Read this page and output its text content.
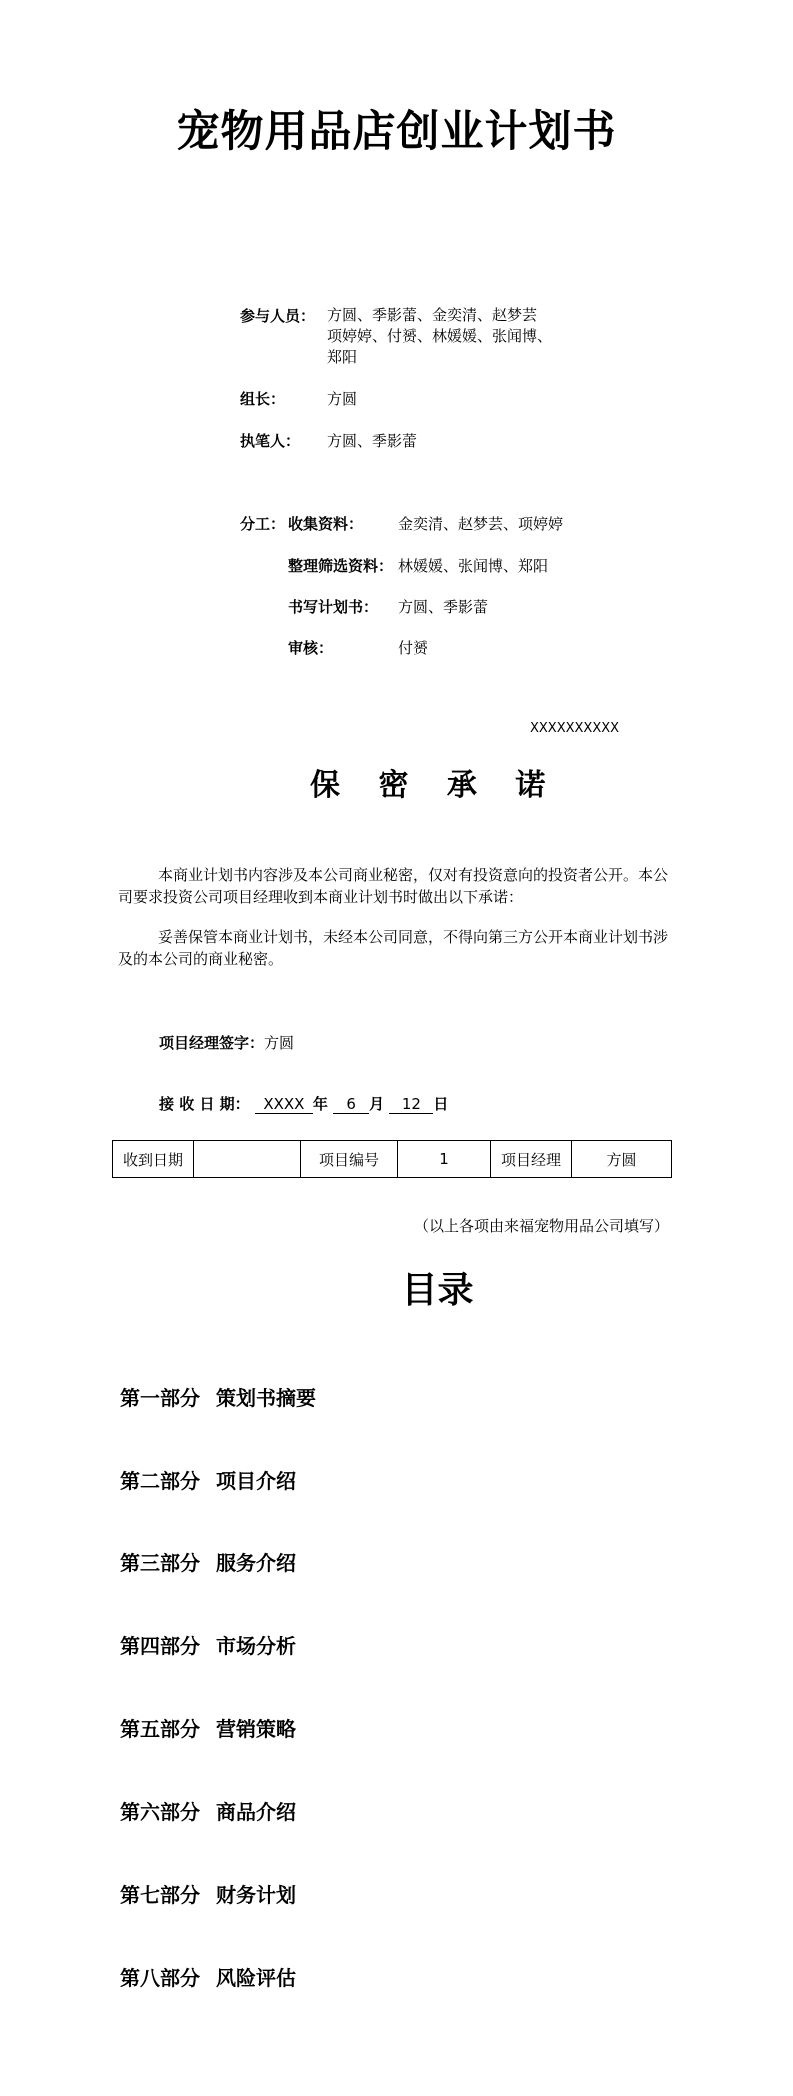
宠物用品店创业计划书
参与人员： 方圆、季影蕾、金奕清、赵梦芸
项婷婷、付赟、林媛媛、张闻博、
郑阳
组长：	方圆
执笔人： 方圆、季影蕾
分工： 收集资料： 金奕清、赵梦芸、项婷婷
整理筛选资料： 林媛媛、张闻博、郑阳
书写计划书： 方圆、季影蕾
审核：	付赟
XXXXXXXXXX
保 密 承 诺

本商业计划书内容涉及本公司商业秘密，仅对有投资意向的投资者公开。本公司要求投资公司项目经理收到本商业计划书时做出以下承诺：

妥善保管本商业计划书，未经本公司同意，不得向第三方公开本商业计划书涉及的本公司的商业秘密。

项目经理签字：方圆
接 收 日 期： XXXX 年 6 月 12 日
收到日期		项目编号	1	项目经理	方圆
（以上各项由来福宠物用品公司填写）
目录
第一部分 策划书摘要
第二部分 项目介绍
第三部分 服务介绍
第四部分 市场分析
第五部分 营销策略
第六部分 商品介绍
第七部分 财务计划
第八部分 风险评估
